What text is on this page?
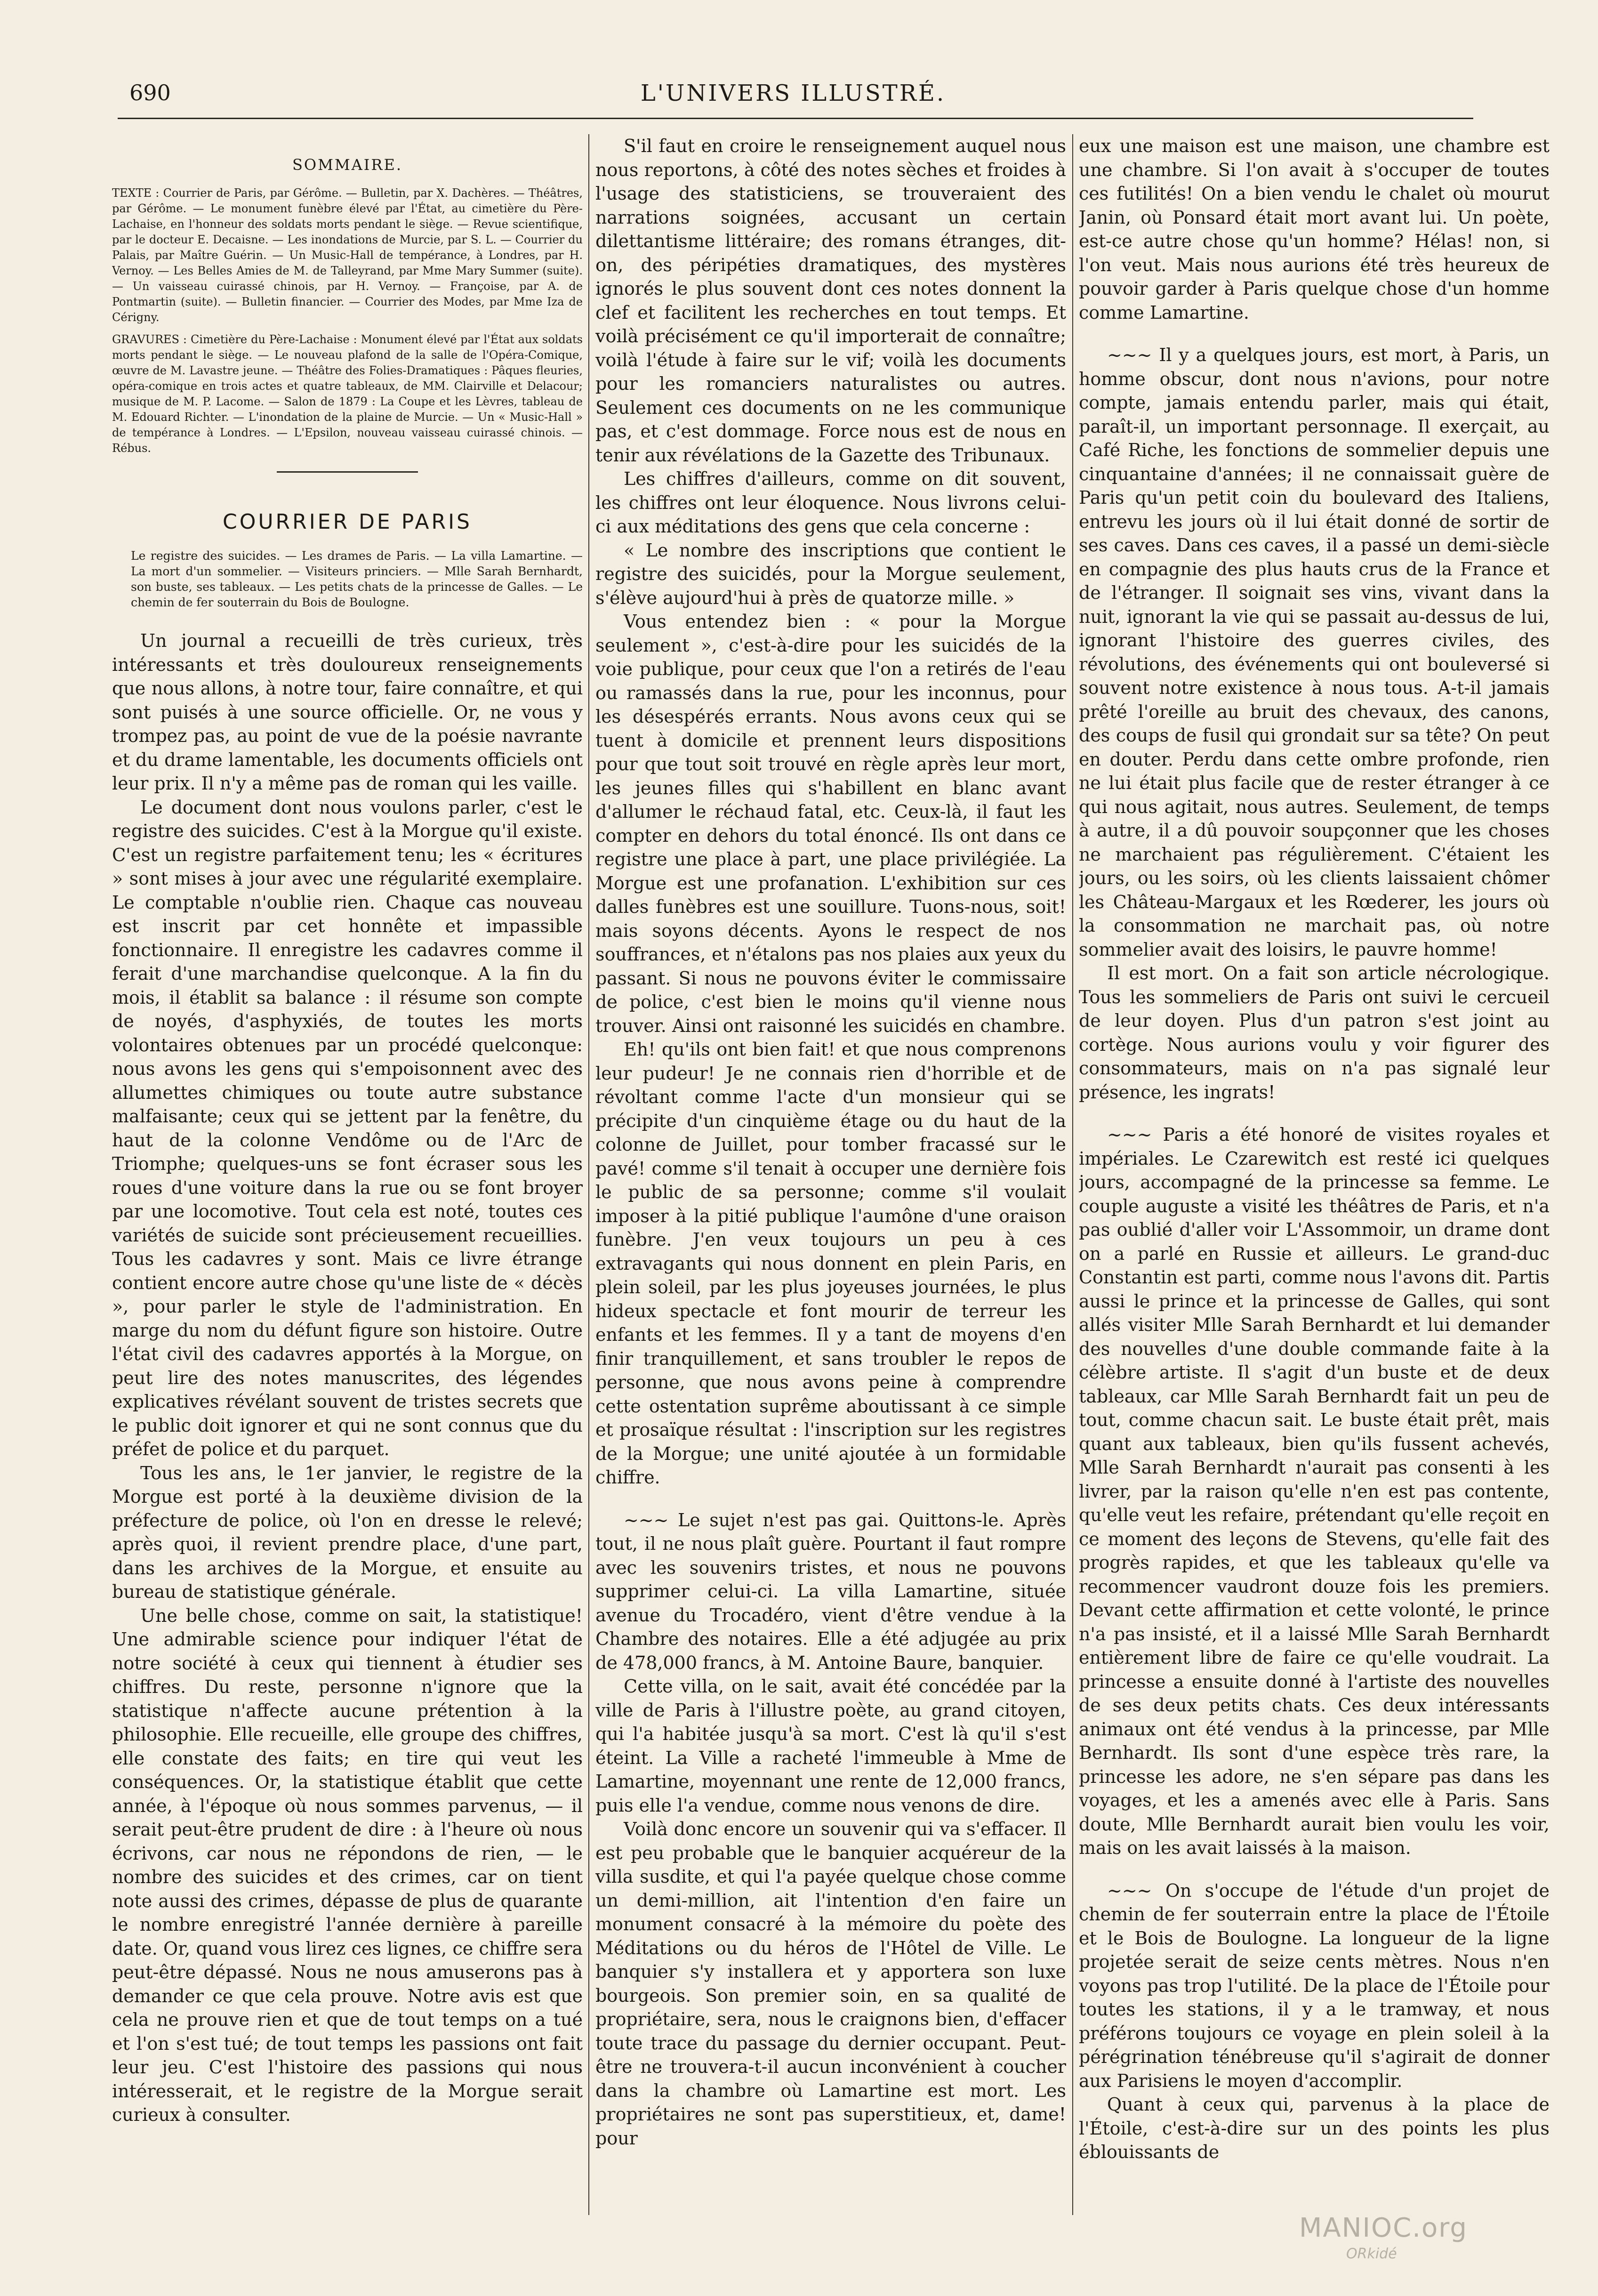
690	L'UNIVERS ILLUSTRÉ.
SOMMAIRE.

TEXTE : Courrier de Paris, par Gérôme. — Bulletin, par X. Dachères. — Théâtres, par Gérôme. — Le monument funèbre élevé par l'État, au cimetière du Père-Lachaise, en l'honneur des soldats morts pendant le siège. — Revue scientifique, par le docteur E. Decaisne. — Les inondations de Murcie, par S. L. — Courrier du Palais, par Maître Guérin. — Un Music-Hall de tempérance, à Londres, par H. Vernoy. — Les Belles Amies de M. de Talleyrand, par Mme Mary Summer (suite). — Un vaisseau cuirassé chinois, par H. Vernoy. — Françoise, par A. de Pontmartin (suite). — Bulletin financier. — Courrier des Modes, par Mme Iza de Cérigny.

GRAVURES : Cimetière du Père-Lachaise : Monument élevé par l'État aux soldats morts pendant le siège. — Le nouveau plafond de la salle de l'Opéra-Comique, œuvre de M. Lavastre jeune. — Théâtre des Folies-Dramatiques : Pâques fleuries, opéra-comique en trois actes et quatre tableaux, de MM. Clairville et Delacour; musique de M. P. Lacome. — Salon de 1879 : La Coupe et les Lèvres, tableau de M. Edouard Richter. — L'inondation de la plaine de Murcie. — Un « Music-Hall » de tempérance à Londres. — L'Epsilon, nouveau vaisseau cuirassé chinois. — Rébus.

COURRIER DE PARIS

Le registre des suicides. — Les drames de Paris. — La villa Lamartine. — La mort d'un sommelier. — Visiteurs princiers. — Mlle Sarah Bernhardt, son buste, ses tableaux. — Les petits chats de la princesse de Galles. — Le chemin de fer souterrain du Bois de Boulogne.

Un journal a recueilli de très curieux, très intéressants et très douloureux renseignements que nous allons, à notre tour, faire connaître, et qui sont puisés à une source officielle. Or, ne vous y trompez pas, au point de vue de la poésie navrante et du drame lamentable, les documents officiels ont leur prix. Il n'y a même pas de roman qui les vaille.

Le document dont nous voulons parler, c'est le registre des suicides. C'est à la Morgue qu'il existe. C'est un registre parfaitement tenu; les « écritures » sont mises à jour avec une régularité exemplaire. Le comptable n'oublie rien. Chaque cas nouveau est inscrit par cet honnête et impassible fonctionnaire. Il enregistre les cadavres comme il ferait d'une marchandise quelconque. A la fin du mois, il établit sa balance : il résume son compte de noyés, d'asphyxiés, de toutes les morts volontaires obtenues par un procédé quelconque: nous avons les gens qui s'empoisonnent avec des allumettes chimiques ou toute autre substance malfaisante; ceux qui se jettent par la fenêtre, du haut de la colonne Vendôme ou de l'Arc de Triomphe; quelques-uns se font écraser sous les roues d'une voiture dans la rue ou se font broyer par une locomotive. Tout cela est noté, toutes ces variétés de suicide sont précieusement recueillies. Tous les cadavres y sont. Mais ce livre étrange contient encore autre chose qu'une liste de « décès », pour parler le style de l'administration. En marge du nom du défunt figure son histoire. Outre l'état civil des cadavres apportés à la Morgue, on peut lire des notes manuscrites, des légendes explicatives révélant souvent de tristes secrets que le public doit ignorer et qui ne sont connus que du préfet de police et du parquet.

Tous les ans, le 1er janvier, le registre de la Morgue est porté à la deuxième division de la préfecture de police, où l'on en dresse le relevé; après quoi, il revient prendre place, d'une part, dans les archives de la Morgue, et ensuite au bureau de statistique générale.

Une belle chose, comme on sait, la statistique! Une admirable science pour indiquer l'état de notre société à ceux qui tiennent à étudier ses chiffres. Du reste, personne n'ignore que la statistique n'affecte aucune prétention à la philosophie. Elle recueille, elle groupe des chiffres, elle constate des faits; en tire qui veut les conséquences. Or, la statistique établit que cette année, à l'époque où nous sommes parvenus, — il serait peut-être prudent de dire : à l'heure où nous écrivons, car nous ne répondons de rien, — le nombre des suicides et des crimes, car on tient note aussi des crimes, dépasse de plus de quarante le nombre enregistré l'année dernière à pareille date. Or, quand vous lirez ces lignes, ce chiffre sera peut-être dépassé. Nous ne nous amuserons pas à demander ce que cela prouve. Notre avis est que cela ne prouve rien et que de tout temps on a tué et l'on s'est tué; de tout temps les passions ont fait leur jeu. C'est l'histoire des passions qui nous intéresserait, et le registre de la Morgue serait curieux à consulter.

S'il faut en croire le renseignement auquel nous nous reportons, à côté des notes sèches et froides à l'usage des statisticiens, se trouveraient des narrations soignées, accusant un certain dilettantisme littéraire; des romans étranges, dit-on, des péripéties dramatiques, des mystères ignorés le plus souvent dont ces notes donnent la clef et facilitent les recherches en tout temps. Et voilà précisément ce qu'il importerait de connaître; voilà l'étude à faire sur le vif; voilà les documents pour les romanciers naturalistes ou autres. Seulement ces documents on ne les communique pas, et c'est dommage. Force nous est de nous en tenir aux révélations de la Gazette des Tribunaux.

Les chiffres d'ailleurs, comme on dit souvent, les chiffres ont leur éloquence. Nous livrons celui-ci aux méditations des gens que cela concerne :

« Le nombre des inscriptions que contient le registre des suicidés, pour la Morgue seulement, s'élève aujourd'hui à près de quatorze mille. »

Vous entendez bien : « pour la Morgue seulement », c'est-à-dire pour les suicidés de la voie publique, pour ceux que l'on a retirés de l'eau ou ramassés dans la rue, pour les inconnus, pour les désespérés errants. Nous avons ceux qui se tuent à domicile et prennent leurs dispositions pour que tout soit trouvé en règle après leur mort, les jeunes filles qui s'habillent en blanc avant d'allumer le réchaud fatal, etc. Ceux-là, il faut les compter en dehors du total énoncé. Ils ont dans ce registre une place à part, une place privilégiée. La Morgue est une profanation. L'exhibition sur ces dalles funèbres est une souillure. Tuons-nous, soit! mais soyons décents. Ayons le respect de nos souffrances, et n'étalons pas nos plaies aux yeux du passant. Si nous ne pouvons éviter le commissaire de police, c'est bien le moins qu'il vienne nous trouver. Ainsi ont raisonné les suicidés en chambre.

Eh! qu'ils ont bien fait! et que nous comprenons leur pudeur! Je ne connais rien d'horrible et de révoltant comme l'acte d'un monsieur qui se précipite d'un cinquième étage ou du haut de la colonne de Juillet, pour tomber fracassé sur le pavé! comme s'il tenait à occuper une dernière fois le public de sa personne; comme s'il voulait imposer à la pitié publique l'aumône d'une oraison funèbre. J'en veux toujours un peu à ces extravagants qui nous donnent en plein Paris, en plein soleil, par les plus joyeuses journées, le plus hideux spectacle et font mourir de terreur les enfants et les femmes. Il y a tant de moyens d'en finir tranquillement, et sans troubler le repos de personne, que nous avons peine à comprendre cette ostentation suprême aboutissant à ce simple et prosaïque résultat : l'inscription sur les registres de la Morgue; une unité ajoutée à un formidable chiffre.

~~~ Le sujet n'est pas gai. Quittons-le. Après tout, il ne nous plaît guère. Pourtant il faut rompre avec les souvenirs tristes, et nous ne pouvons supprimer celui-ci. La villa Lamartine, située avenue du Trocadéro, vient d'être vendue à la Chambre des notaires. Elle a été adjugée au prix de 478,000 francs, à M. Antoine Baure, banquier.

Cette villa, on le sait, avait été concédée par la ville de Paris à l'illustre poète, au grand citoyen, qui l'a habitée jusqu'à sa mort. C'est là qu'il s'est éteint. La Ville a racheté l'immeuble à Mme de Lamartine, moyennant une rente de 12,000 francs, puis elle l'a vendue, comme nous venons de dire.

Voilà donc encore un souvenir qui va s'effacer. Il est peu probable que le banquier acquéreur de la villa susdite, et qui l'a payée quelque chose comme un demi-million, ait l'intention d'en faire un monument consacré à la mémoire du poète des Méditations ou du héros de l'Hôtel de Ville. Le banquier s'y installera et y apportera son luxe bourgeois. Son premier soin, en sa qualité de propriétaire, sera, nous le craignons bien, d'effacer toute trace du passage du dernier occupant. Peut-être ne trouvera-t-il aucun inconvénient à coucher dans la chambre où Lamartine est mort. Les propriétaires ne sont pas superstitieux, et, dame! pour

eux une maison est une maison, une chambre est une chambre. Si l'on avait à s'occuper de toutes ces futilités! On a bien vendu le chalet où mourut Janin, où Ponsard était mort avant lui. Un poète, est-ce autre chose qu'un homme? Hélas! non, si l'on veut. Mais nous aurions été très heureux de pouvoir garder à Paris quelque chose d'un homme comme Lamartine.

~~~ Il y a quelques jours, est mort, à Paris, un homme obscur, dont nous n'avions, pour notre compte, jamais entendu parler, mais qui était, paraît-il, un important personnage. Il exerçait, au Café Riche, les fonctions de sommelier depuis une cinquantaine d'années; il ne connaissait guère de Paris qu'un petit coin du boulevard des Italiens, entrevu les jours où il lui était donné de sortir de ses caves. Dans ces caves, il a passé un demi-siècle en compagnie des plus hauts crus de la France et de l'étranger. Il soignait ses vins, vivant dans la nuit, ignorant la vie qui se passait au-dessus de lui, ignorant l'histoire des guerres civiles, des révolutions, des événements qui ont bouleversé si souvent notre existence à nous tous. A-t-il jamais prêté l'oreille au bruit des chevaux, des canons, des coups de fusil qui grondait sur sa tête? On peut en douter. Perdu dans cette ombre profonde, rien ne lui était plus facile que de rester étranger à ce qui nous agitait, nous autres. Seulement, de temps à autre, il a dû pouvoir soupçonner que les choses ne marchaient pas régulièrement. C'étaient les jours, ou les soirs, où les clients laissaient chômer les Château-Margaux et les Rœderer, les jours où la consommation ne marchait pas, où notre sommelier avait des loisirs, le pauvre homme!

Il est mort. On a fait son article nécrologique. Tous les sommeliers de Paris ont suivi le cercueil de leur doyen. Plus d'un patron s'est joint au cortège. Nous aurions voulu y voir figurer des consommateurs, mais on n'a pas signalé leur présence, les ingrats!

~~~ Paris a été honoré de visites royales et impériales. Le Czarewitch est resté ici quelques jours, accompagné de la princesse sa femme. Le couple auguste a visité les théâtres de Paris, et n'a pas oublié d'aller voir L'Assommoir, un drame dont on a parlé en Russie et ailleurs. Le grand-duc Constantin est parti, comme nous l'avons dit. Partis aussi le prince et la princesse de Galles, qui sont allés visiter Mlle Sarah Bernhardt et lui demander des nouvelles d'une double commande faite à la célèbre artiste. Il s'agit d'un buste et de deux tableaux, car Mlle Sarah Bernhardt fait un peu de tout, comme chacun sait. Le buste était prêt, mais quant aux tableaux, bien qu'ils fussent achevés, Mlle Sarah Bernhardt n'aurait pas consenti à les livrer, par la raison qu'elle n'en est pas contente, qu'elle veut les refaire, prétendant qu'elle reçoit en ce moment des leçons de Stevens, qu'elle fait des progrès rapides, et que les tableaux qu'elle va recommencer vaudront douze fois les premiers. Devant cette affirmation et cette volonté, le prince n'a pas insisté, et il a laissé Mlle Sarah Bernhardt entièrement libre de faire ce qu'elle voudrait. La princesse a ensuite donné à l'artiste des nouvelles de ses deux petits chats. Ces deux intéressants animaux ont été vendus à la princesse, par Mlle Bernhardt. Ils sont d'une espèce très rare, la princesse les adore, ne s'en sépare pas dans les voyages, et les a amenés avec elle à Paris. Sans doute, Mlle Bernhardt aurait bien voulu les voir, mais on les avait laissés à la maison.

~~~ On s'occupe de l'étude d'un projet de chemin de fer souterrain entre la place de l'Étoile et le Bois de Boulogne. La longueur de la ligne projetée serait de seize cents mètres. Nous n'en voyons pas trop l'utilité. De la place de l'Étoile pour toutes les stations, il y a le tramway, et nous préférons toujours ce voyage en plein soleil à la pérégrination ténébreuse qu'il s'agirait de donner aux Parisiens le moyen d'accomplir.

Quant à ceux qui, parvenus à la place de l'Étoile, c'est-à-dire sur un des points les plus éblouissants de

MANIOC.org
ORkidé
